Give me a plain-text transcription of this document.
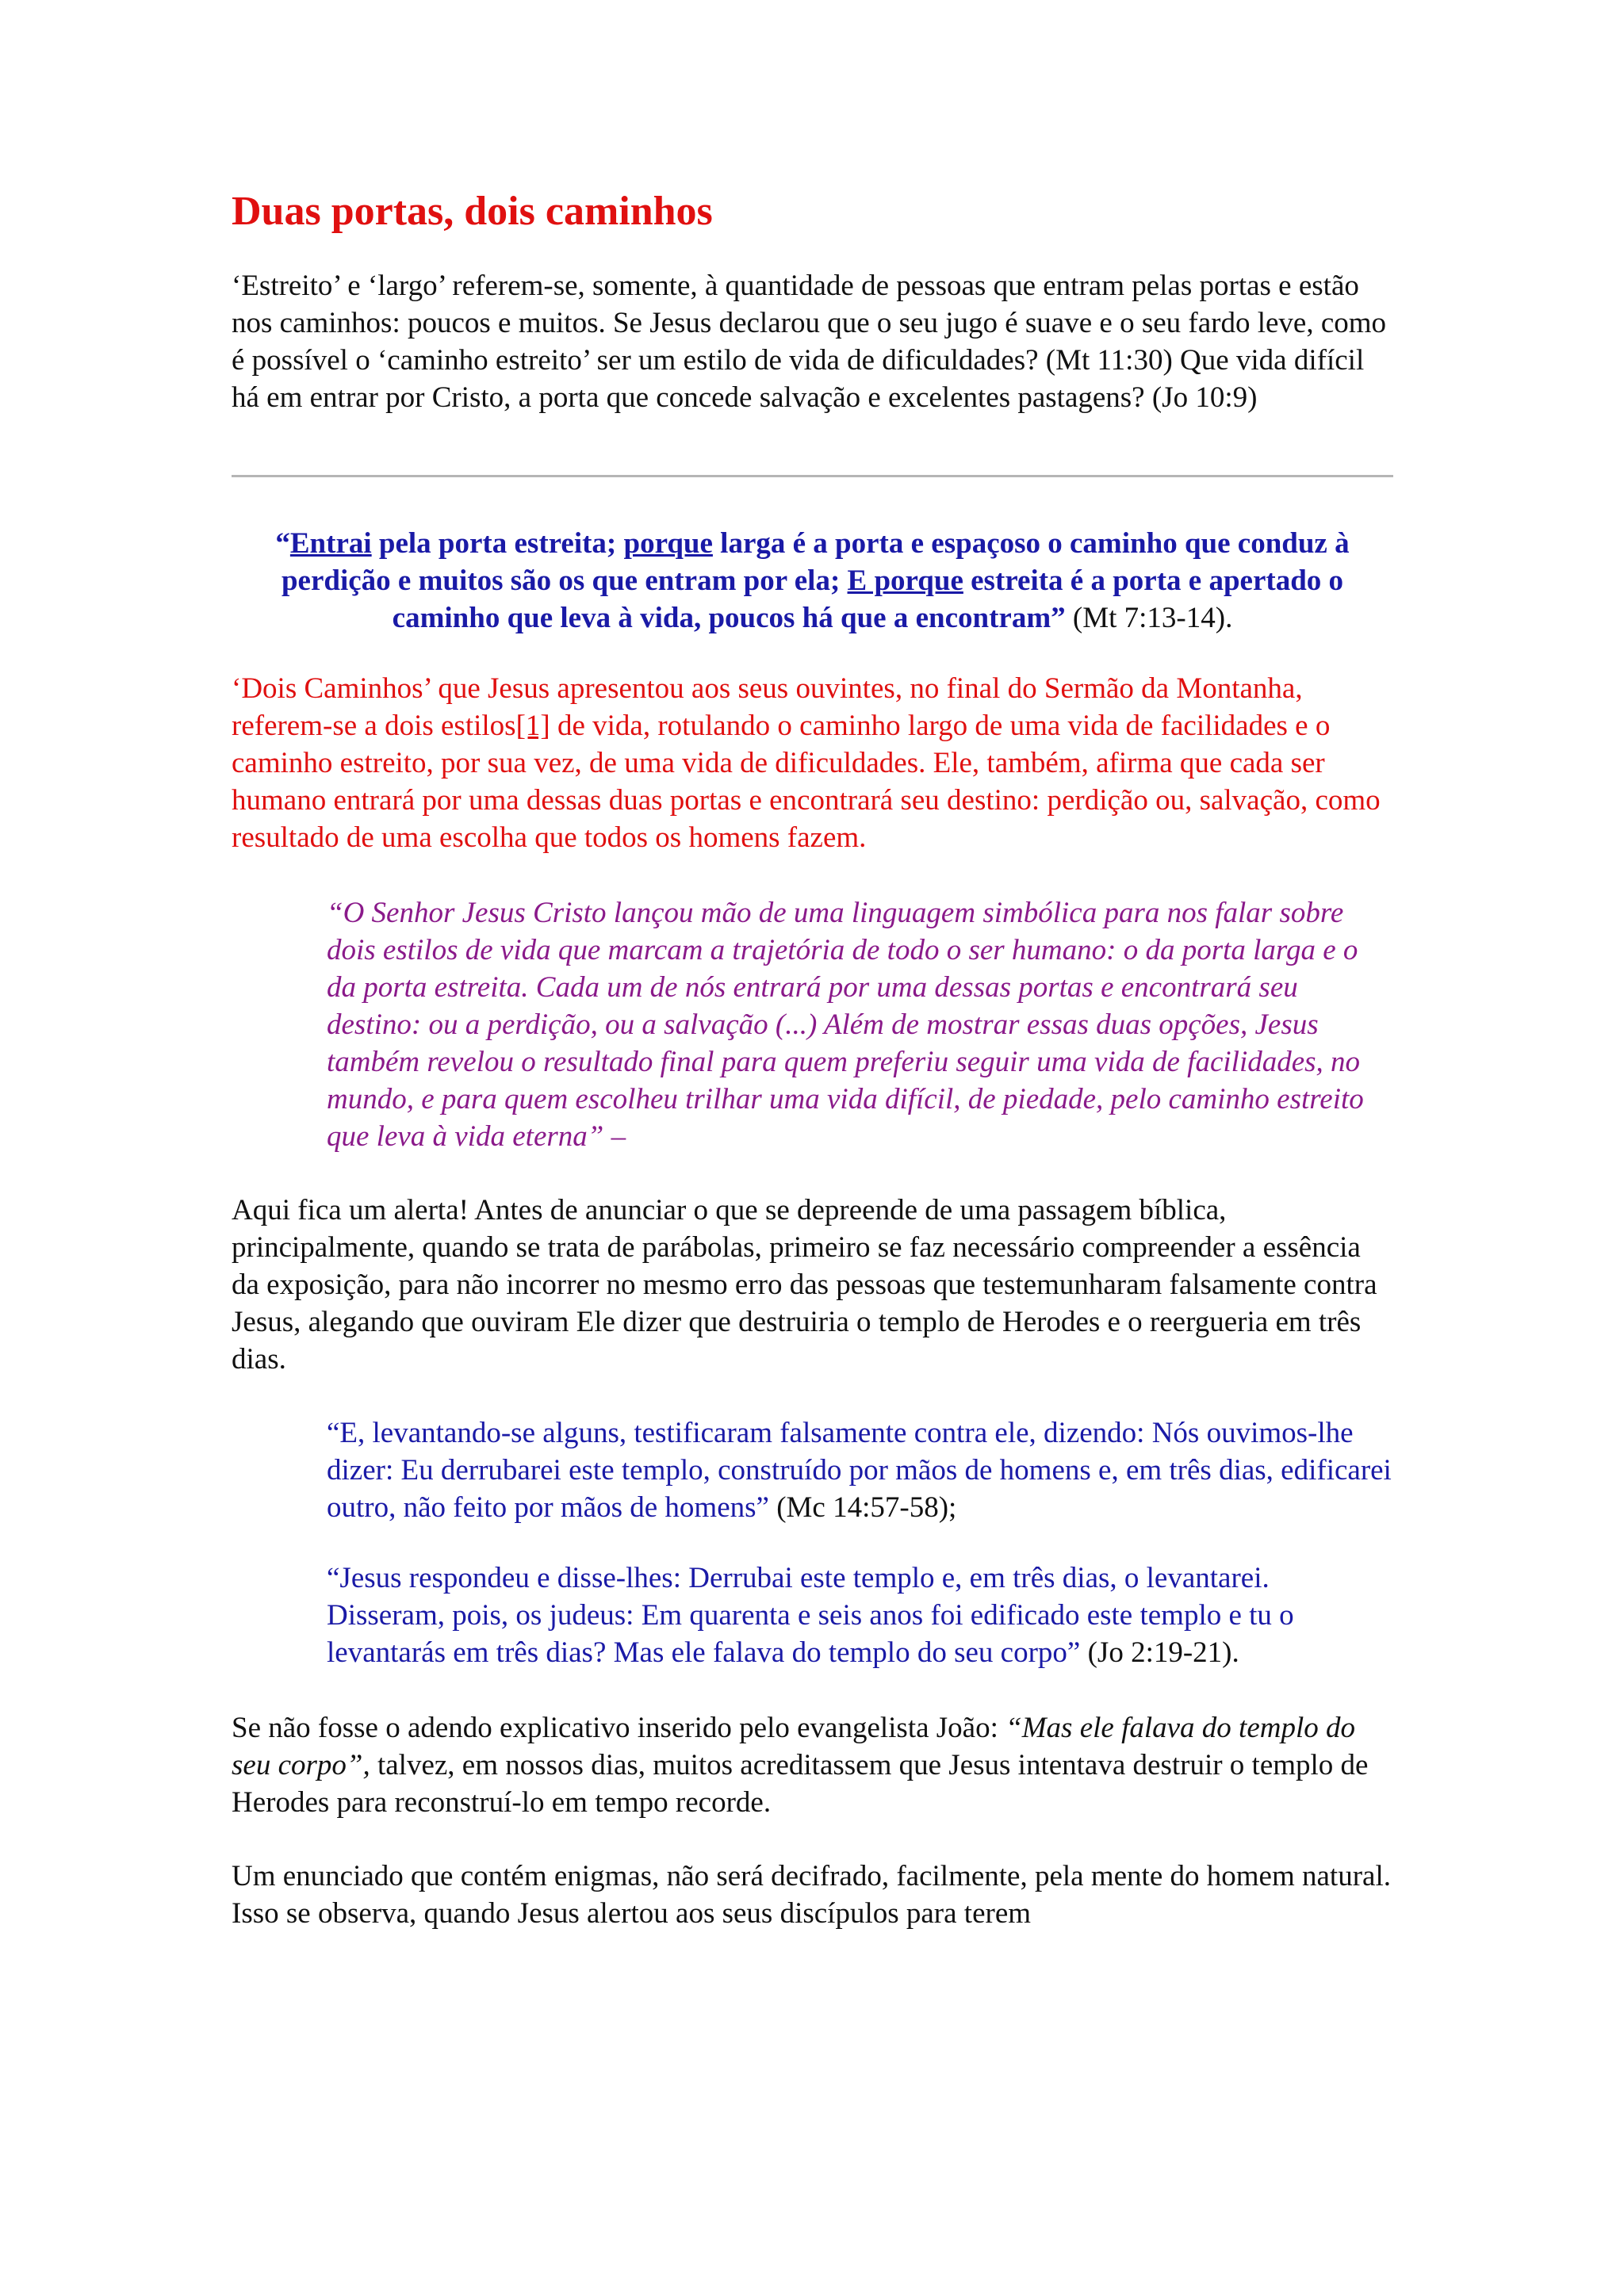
Duas portas, dois caminhos

‘Estreito’ e ‘largo’ referem-se, somente, à quantidade de pessoas que entram pelas portas e estão nos caminhos: poucos e muitos. Se Jesus declarou que o seu jugo é suave e o seu fardo leve, como é possível o ‘caminho estreito’ ser um estilo de vida de dificuldades? (Mt 11:30) Que vida difícil há em entrar por Cristo, a porta que concede salvação e excelentes pastagens? (Jo 10:9)

“Entrai pela porta estreita; porque larga é a porta e espaçoso o caminho que conduz à perdição e muitos são os que entram por ela; E porque estreita é a porta e apertado o caminho que leva à vida, poucos há que a encontram” (Mt 7:13-14).

‘Dois Caminhos’ que Jesus apresentou aos seus ouvintes, no final do Sermão da Montanha, referem-se a dois estilos[1] de vida, rotulando o caminho largo de uma vida de facilidades e o caminho estreito, por sua vez, de uma vida de dificuldades. Ele, também, afirma que cada ser humano entrará por uma dessas duas portas e encontrará seu destino: perdição ou, salvação, como resultado de uma escolha que todos os homens fazem.

“O Senhor Jesus Cristo lançou mão de uma linguagem simbólica para nos falar sobre dois estilos de vida que marcam a trajetória de todo o ser humano: o da porta larga e o da porta estreita. Cada um de nós entrará por uma dessas portas e encontrará seu destino: ou a perdição, ou a salvação (...) Além de mostrar essas duas opções, Jesus também revelou o resultado final para quem preferiu seguir uma vida de facilidades, no mundo, e para quem escolheu trilhar uma vida difícil, de piedade, pelo caminho estreito que leva à vida eterna” –

Aqui fica um alerta! Antes de anunciar o que se depreende de uma passagem bíblica, principalmente, quando se trata de parábolas, primeiro se faz necessário compreender a essência da exposição, para não incorrer no mesmo erro das pessoas que testemunharam falsamente contra Jesus, alegando que ouviram Ele dizer que destruiria o templo de Herodes e o reergueria em três dias.

“E, levantando-se alguns, testificaram falsamente contra ele, dizendo: Nós ouvimos-lhe dizer: Eu derrubarei este templo, construído por mãos de homens e, em três dias, edificarei outro, não feito por mãos de homens” (Mc 14:57-58);

“Jesus respondeu e disse-lhes: Derrubai este templo e, em três dias, o levantarei. Disseram, pois, os judeus: Em quarenta e seis anos foi edificado este templo e tu o levantarás em três dias? Mas ele falava do templo do seu corpo” (Jo 2:19-21).

Se não fosse o adendo explicativo inserido pelo evangelista João: “Mas ele falava do templo do seu corpo”, talvez, em nossos dias, muitos acreditassem que Jesus intentava destruir o templo de Herodes para reconstruí-lo em tempo recorde.

Um enunciado que contém enigmas, não será decifrado, facilmente, pela mente do homem natural. Isso se observa, quando Jesus alertou aos seus discípulos para terem
